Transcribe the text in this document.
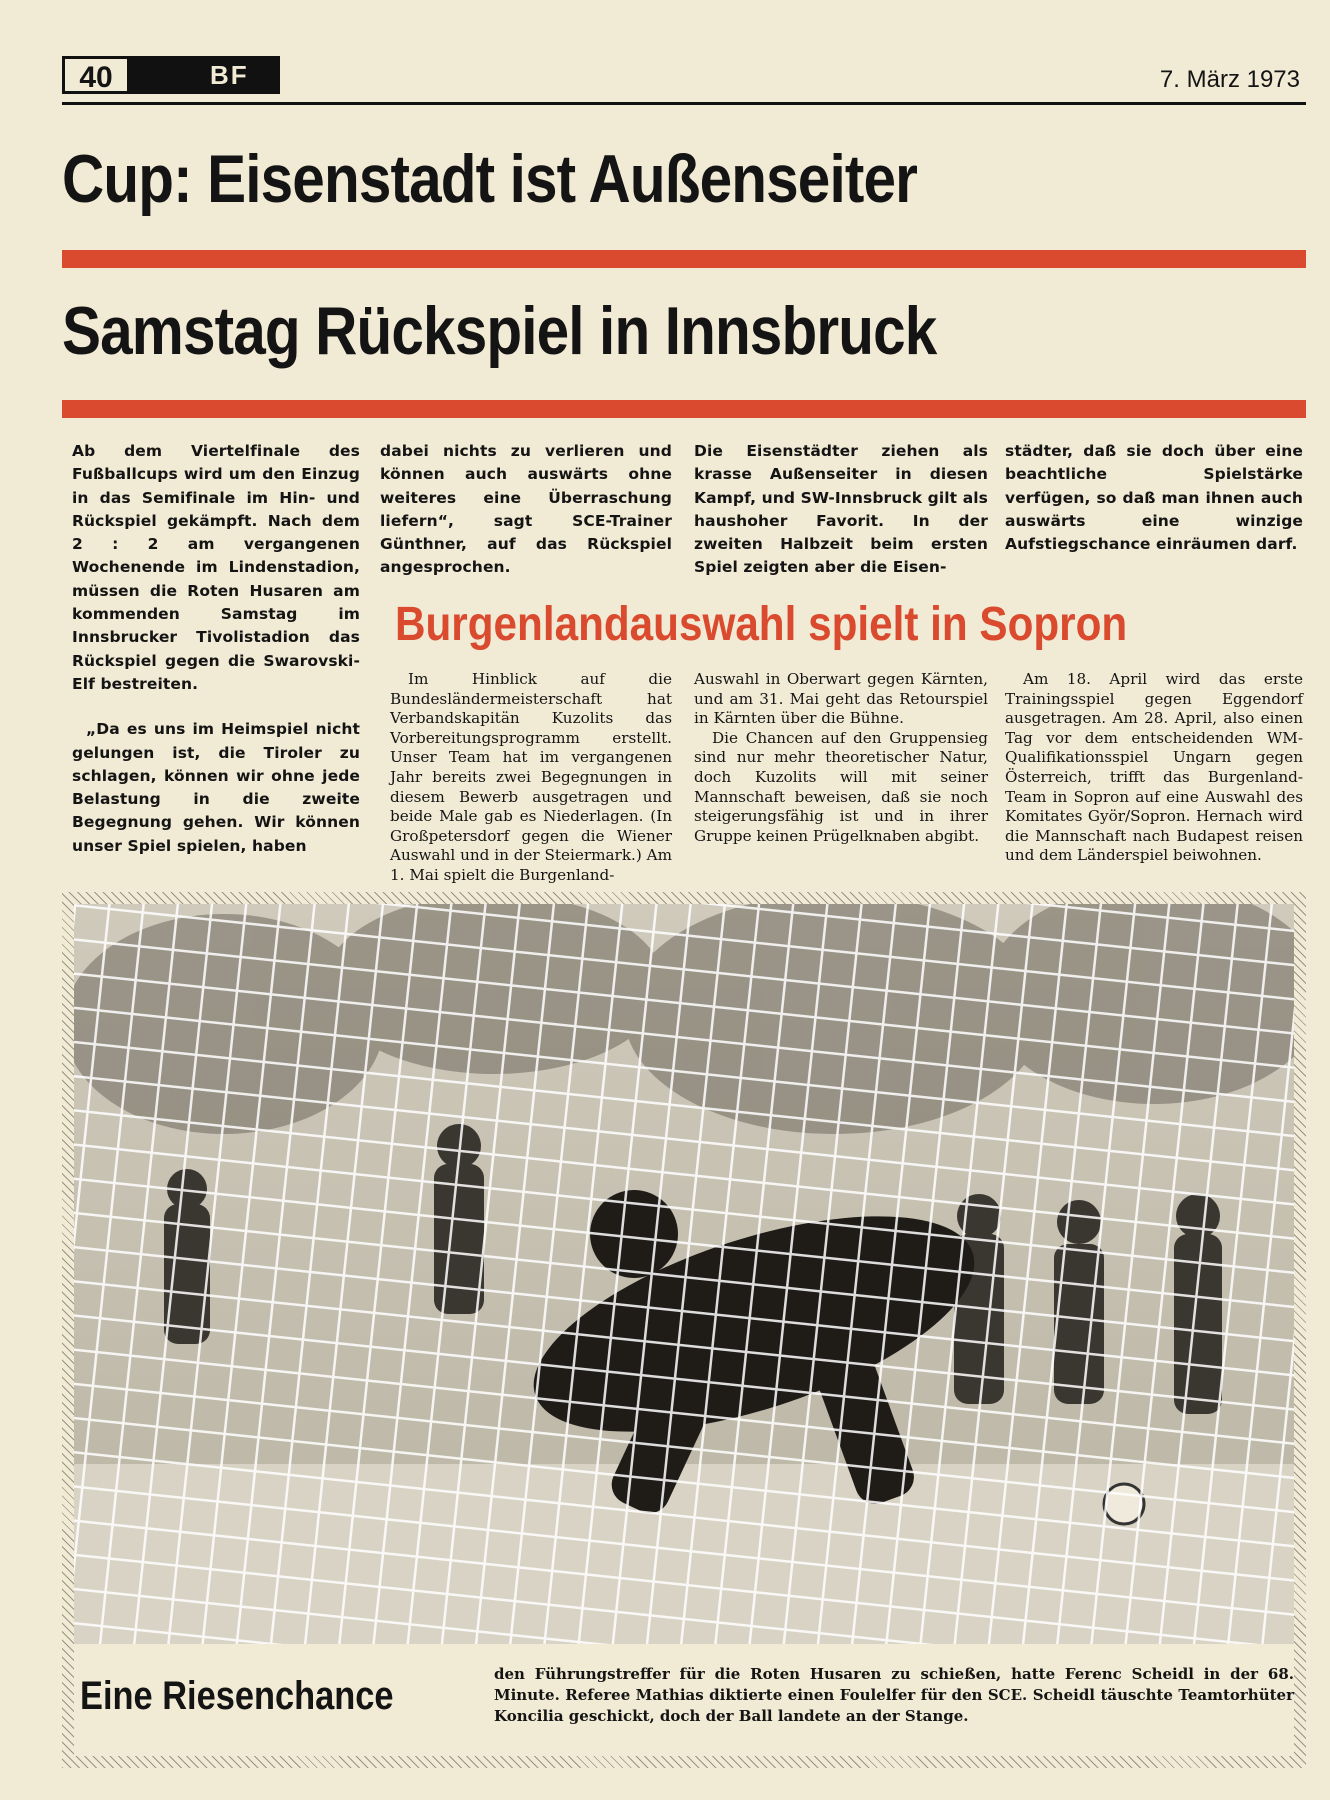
40	BF	7. März 1973
Cup: Eisenstadt ist Außenseiter
Samstag Rückspiel in Innsbruck

Ab dem Viertelfinale des Fußballcups wird um den Einzug in das Semifinale im Hin- und Rückspiel gekämpft. Nach dem 2 : 2 am vergangenen Wochenende im Lindenstadion, müssen die Roten Husaren am kommenden Samstag im Innsbrucker Tivolistadion das Rückspiel gegen die Swarovski-Elf bestreiten.

„Da es uns im Heimspiel nicht gelungen ist, die Tiroler zu schlagen, können wir ohne jede Belastung in die zweite Begegnung gehen. Wir können unser Spiel spielen, haben

dabei nichts zu verlieren und können auch auswärts ohne weiteres eine Überraschung liefern“, sagt SCE-Trainer Günthner, auf das Rückspiel angesprochen.

Die Eisenstädter ziehen als krasse Außenseiter in diesen Kampf, und SW-Innsbruck gilt als haushoher Favorit. In der zweiten Halbzeit beim ersten Spiel zeigten aber die Eisen-

städter, daß sie doch über eine beachtliche Spielstärke verfügen, so daß man ihnen auch auswärts eine winzige Aufstiegschance einräumen darf.

Burgenlandauswahl spielt in Sopron

Im Hinblick auf die Bundesländermeisterschaft hat Verbandskapitän Kuzolits das Vorbereitungsprogramm erstellt. Unser Team hat im vergangenen Jahr bereits zwei Begegnungen in diesem Bewerb ausgetragen und beide Male gab es Niederlagen. (In Großpetersdorf gegen die Wiener Auswahl und in der Steiermark.) Am 1. Mai spielt die Burgenland-

Auswahl in Oberwart gegen Kärnten, und am 31. Mai geht das Retourspiel in Kärnten über die Bühne.

Die Chancen auf den Gruppensieg sind nur mehr theoretischer Natur, doch Kuzolits will mit seiner Mannschaft beweisen, daß sie noch steigerungsfähig ist und in ihrer Gruppe keinen Prügelknaben abgibt.

Am 18. April wird das erste Trainingsspiel gegen Eggendorf ausgetragen. Am 28. April, also einen Tag vor dem entscheidenden WM-Qualifikationsspiel Ungarn gegen Österreich, trifft das Burgenland-Team in Sopron auf eine Auswahl des Komitates Györ/Sopron. Hernach wird die Mannschaft nach Budapest reisen und dem Länderspiel beiwohnen.

Eine Riesenchance	den Führungstreffer für die Roten Husaren zu schießen, hatte Ferenc Scheidl in der 68. Minute. Referee Mathias diktierte einen Foulelfer für den SCE. Scheidl täuschte Teamtorhüter Koncilia geschickt, doch der Ball landete an der Stange.
